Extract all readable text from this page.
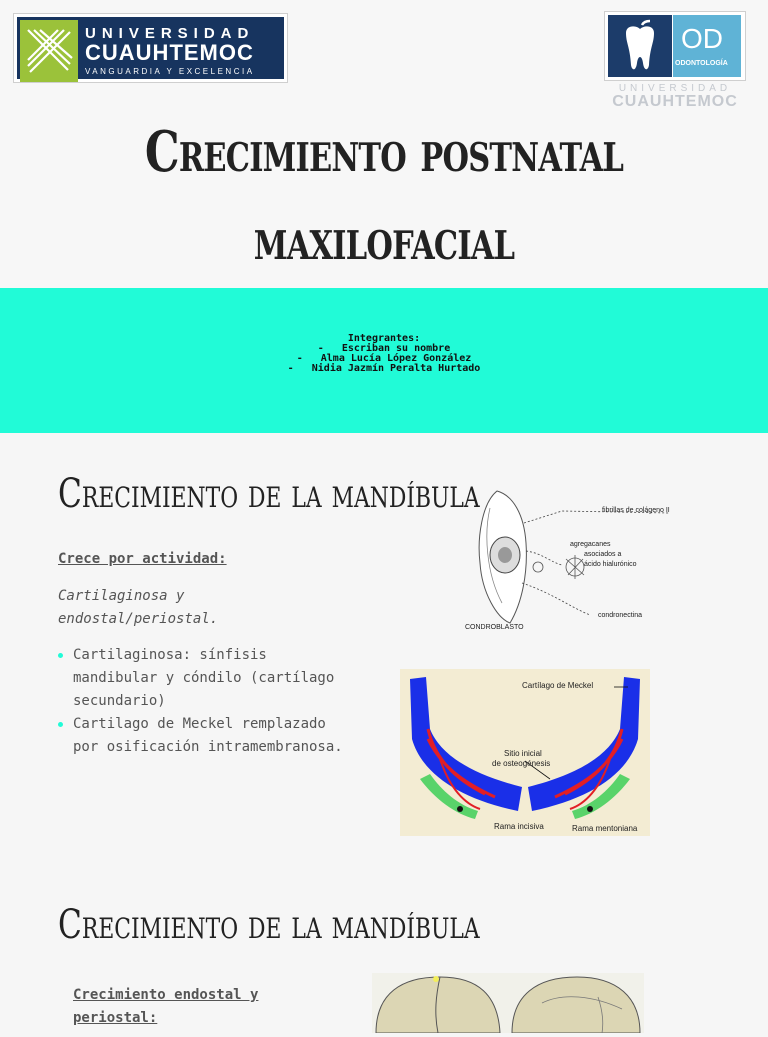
UNIVERSIDAD
CUAUHTEMOC
VANGUARDIA Y EXCELENCIA
OD
ODONTOLOGÍA
UNIVERSIDAD
CUAUHTEMOC
Crecimiento postnatal
maxilofacial
Integrantes:
-   Escriban su nombre
-   Alma Lucía López González
-   Nidia Jazmín Peralta Hurtado
Crecimiento de la mandíbula
Crece por actividad:
Cartilaginosa y endostal/periostal.
Cartilaginosa: sínfisis mandibular y cóndilo (cartílago secundario)
Cartilago de Meckel remplazado por osificación intramembranosa.
fibrillas de colágeno II
agregacanes
asociados a
ácido hialurónico
condronectina
CONDROBLASTO
Cartílago de Meckel
Sitio inicial
de osteogénesis
Rama incisiva	Rama mentoniana
Crecimiento de la mandíbula
Crecimiento endostal y
periostal:
